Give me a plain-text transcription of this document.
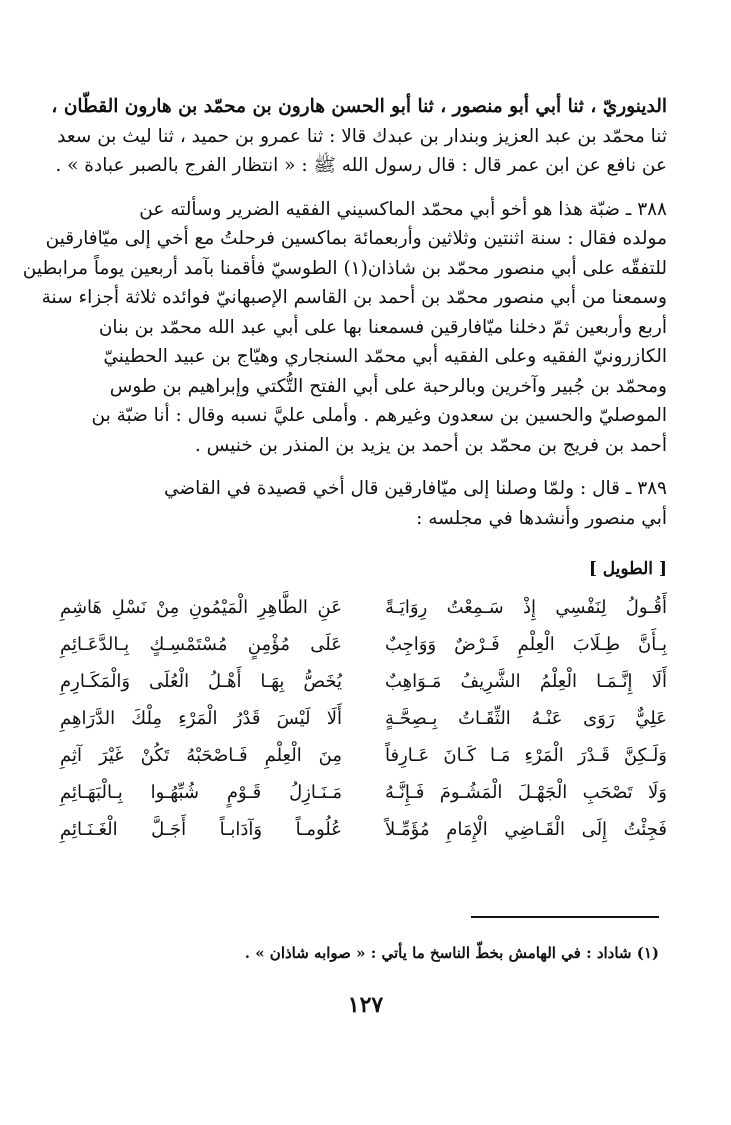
الدينوريّ ، ثنا أبي أبو منصور ، ثنا أبو الحسن هارون بن محمّد بن هارون القطّان ،
ثنا محمّد بن عبد العزيز وبندار بن عبدك قالا : ثنا عمرو بن حميد ، ثنا ليث بن سعد
عن نافع عن ابن عمر قال : قال رسول الله ﷺ : « انتظار الفرج بالصبر عبادة » .
٣٨٨ ـ ضبّة هذا هو أخو أبي محمّد الماكسيني الفقيه الضرير وسألته عن
مولده فقال : سنة اثنتين وثلاثين وأربعمائة بماكسين فرحلتُ مع أخي إلى ميّافارقين
للتفقّه على أبي منصور محمّد بن شاذان(١) الطوسيّ فأقمنا بآمد أربعين يوماً مرابطين
وسمعنا من أبي منصور محمّد بن أحمد بن القاسم الإصبهانيّ فوائده ثلاثة أجزاء سنة
أربع وأربعين ثمّ دخلنا ميّافارقين فسمعنا بها على أبي عبد الله محمّد بن بنان
الكازرونيّ الفقيه وعلى الفقيه أبي محمّد السنجاري وهيّاج بن عبيد الحطينيّ
ومحمّد بن جُبير وآخرين وبالرحبة على أبي الفتح التُّكتي وإبراهيم بن طوس
الموصليّ والحسين بن سعدون وغيرهم . وأملى عليَّ نسبه وقال : أنا ضبّة بن
أحمد بن فريج بن محمّد بن أحمد بن يزيد بن المنذر بن خنيس .
٣٨٩ ـ قال : ولمّا وصلنا إلى ميّافارقين قال أخي قصيدة في القاضي
أبي منصور وأنشدها في مجلسه :
[ الطويل ]
أَقُـولُ لِنَفْسِي إِذْ سَـمِعْتُ رِوَايَـةً
عَنِ الطَّاهِرِ الْمَيْمُونِ مِنْ نَسْلِ هَاشِمِ
بِـأَنَّ طِـلَابَ الْعِلْمِ فَـرْضٌ وَوَاجِبٌ
عَلَى مُؤْمِنٍ مُسْتَمْسِـكٍ بِـالدَّعَـائِمِ
أَلَا إِنَّـمَـا الْعِلْمُ الشَّرِيفُ مَـوَاهِبٌ
يُخَصُّ بِهَـا أَهْـلُ الْعُلَى وَالْمَكَـارِمِ
عَلِيٌّ رَوَى عَنْـهُ الثِّقَـاتُ بِـصِحَّـةٍ
أَلَا لَيْسَ قَدْرُ الْمَرْءِ مِلْكَ الدَّرَاهِمِ
وَلَـكِنَّ قَـدْرَ الْمَرْءِ مَـا كَـانَ عَـارِفاً
مِنَ الْعِلْمِ فَـاصْحَبْهُ تَكُنْ غَيْرَ آثِمِ
وَلَا تَصْحَبِ الْجَهْـلَ الْمَشُـومَ فَـإِنَّـهُ
مَـنَـازِلُ قَـوْمٍ شُبِّهُـوا بِـالْبَهَـائِمِ
فَجِئْتُ إِلَى الْقَـاضِي الْإِمَامِ مُؤَمِّـلاً
عُلُومـاً وَآدَابـاً أَجَـلَّ الْغَـنَـائِمِ
(١) شاداد : في الهامش بخطّ الناسخ ما يأتي : « صوابه شاذان » .
١٢٧
